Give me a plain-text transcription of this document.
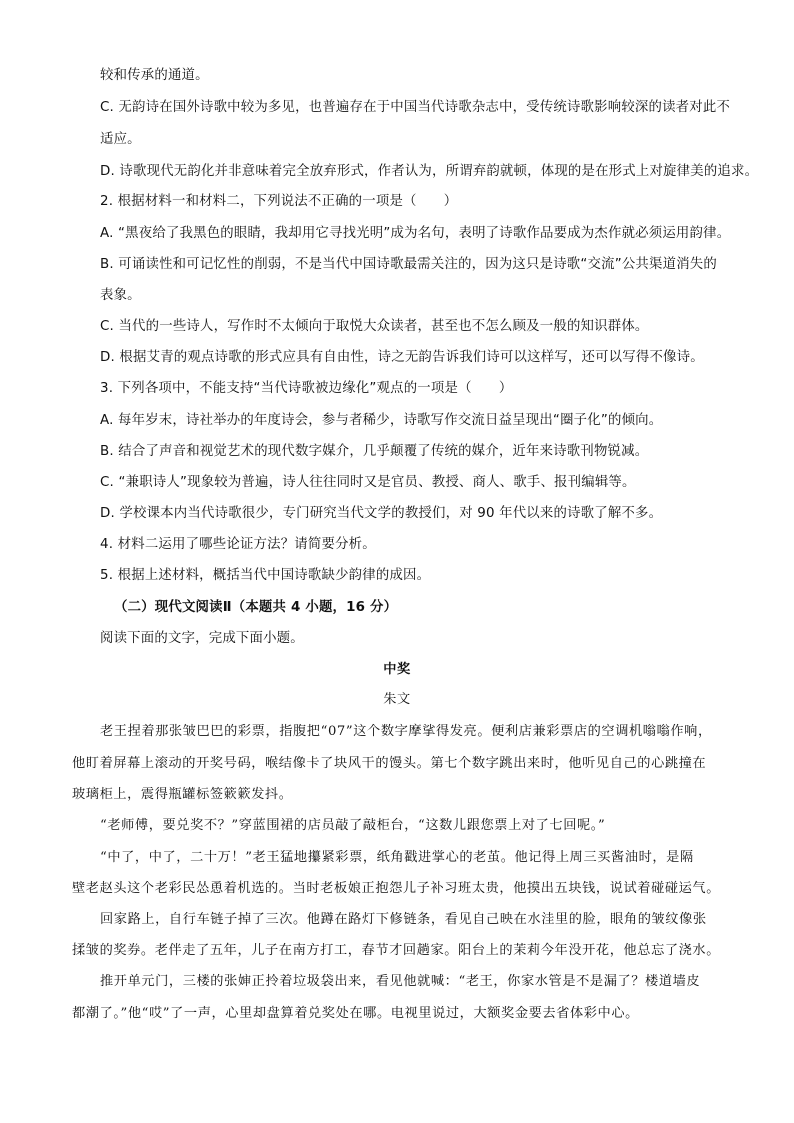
较和传承的通道。

C. 无韵诗在国外诗歌中较为多见，也普遍存在于中国当代诗歌杂志中，受传统诗歌影响较深的读者对此不

适应。

D. 诗歌现代无韵化并非意味着完全放弃形式，作者认为，所谓弃韵就顿，体现的是在形式上对旋律美的追求。

2. 根据材料一和材料二，下列说法不正确的一项是（　　）

A. “黑夜给了我黑色的眼睛，我却用它寻找光明”成为名句，表明了诗歌作品要成为杰作就必须运用韵律。

B. 可诵读性和可记忆性的削弱，不是当代中国诗歌最需关注的，因为这只是诗歌“交流”公共渠道消失的

表象。

C. 当代的一些诗人，写作时不太倾向于取悦大众读者，甚至也不怎么顾及一般的知识群体。

D. 根据艾青的观点诗歌的形式应具有自由性，诗之无韵告诉我们诗可以这样写，还可以写得不像诗。

3. 下列各项中，不能支持“当代诗歌被边缘化”观点的一项是（　　）

A. 每年岁末，诗社举办的年度诗会，参与者稀少，诗歌写作交流日益呈现出“圈子化”的倾向。

B. 结合了声音和视觉艺术的现代数字媒介，几乎颠覆了传统的媒介，近年来诗歌刊物锐减。

C. “兼职诗人”现象较为普遍，诗人往往同时又是官员、教授、商人、歌手、报刊编辑等。

D. 学校课本内当代诗歌很少，专门研究当代文学的教授们，对 90 年代以来的诗歌了解不多。

4. 材料二运用了哪些论证方法？请简要分析。

5. 根据上述材料，概括当代中国诗歌缺少韵律的成因。

（二）现代文阅读Ⅱ（本题共 4 小题，16 分）

阅读下面的文字，完成下面小题。

中奖

朱文

老王捏着那张皱巴巴的彩票，指腹把“07”这个数字摩挲得发亮。便利店兼彩票店的空调机嗡嗡作响，

他盯着屏幕上滚动的开奖号码，喉结像卡了块风干的馒头。第七个数字跳出来时，他听见自己的心跳撞在

玻璃柜上，震得瓶罐标签簌簌发抖。

“老师傅，要兑奖不？”穿蓝围裙的店员敲了敲柜台，“这数儿跟您票上对了七回呢。”

“中了，中了，二十万！”老王猛地攥紧彩票，纸角戳进掌心的老茧。他记得上周三买酱油时，是隔

壁老赵头这个老彩民怂恿着机选的。当时老板娘正抱怨儿子补习班太贵，他摸出五块钱，说试着碰碰运气。

回家路上，自行车链子掉了三次。他蹲在路灯下修链条，看见自己映在水洼里的脸，眼角的皱纹像张

揉皱的奖券。老伴走了五年，儿子在南方打工，春节才回趟家。阳台上的茉莉今年没开花，他总忘了浇水。

推开单元门，三楼的张婶正拎着垃圾袋出来，看见他就喊：“老王，你家水管是不是漏了？楼道墙皮

都潮了。”他“哎”了一声，心里却盘算着兑奖处在哪。电视里说过，大额奖金要去省体彩中心。
